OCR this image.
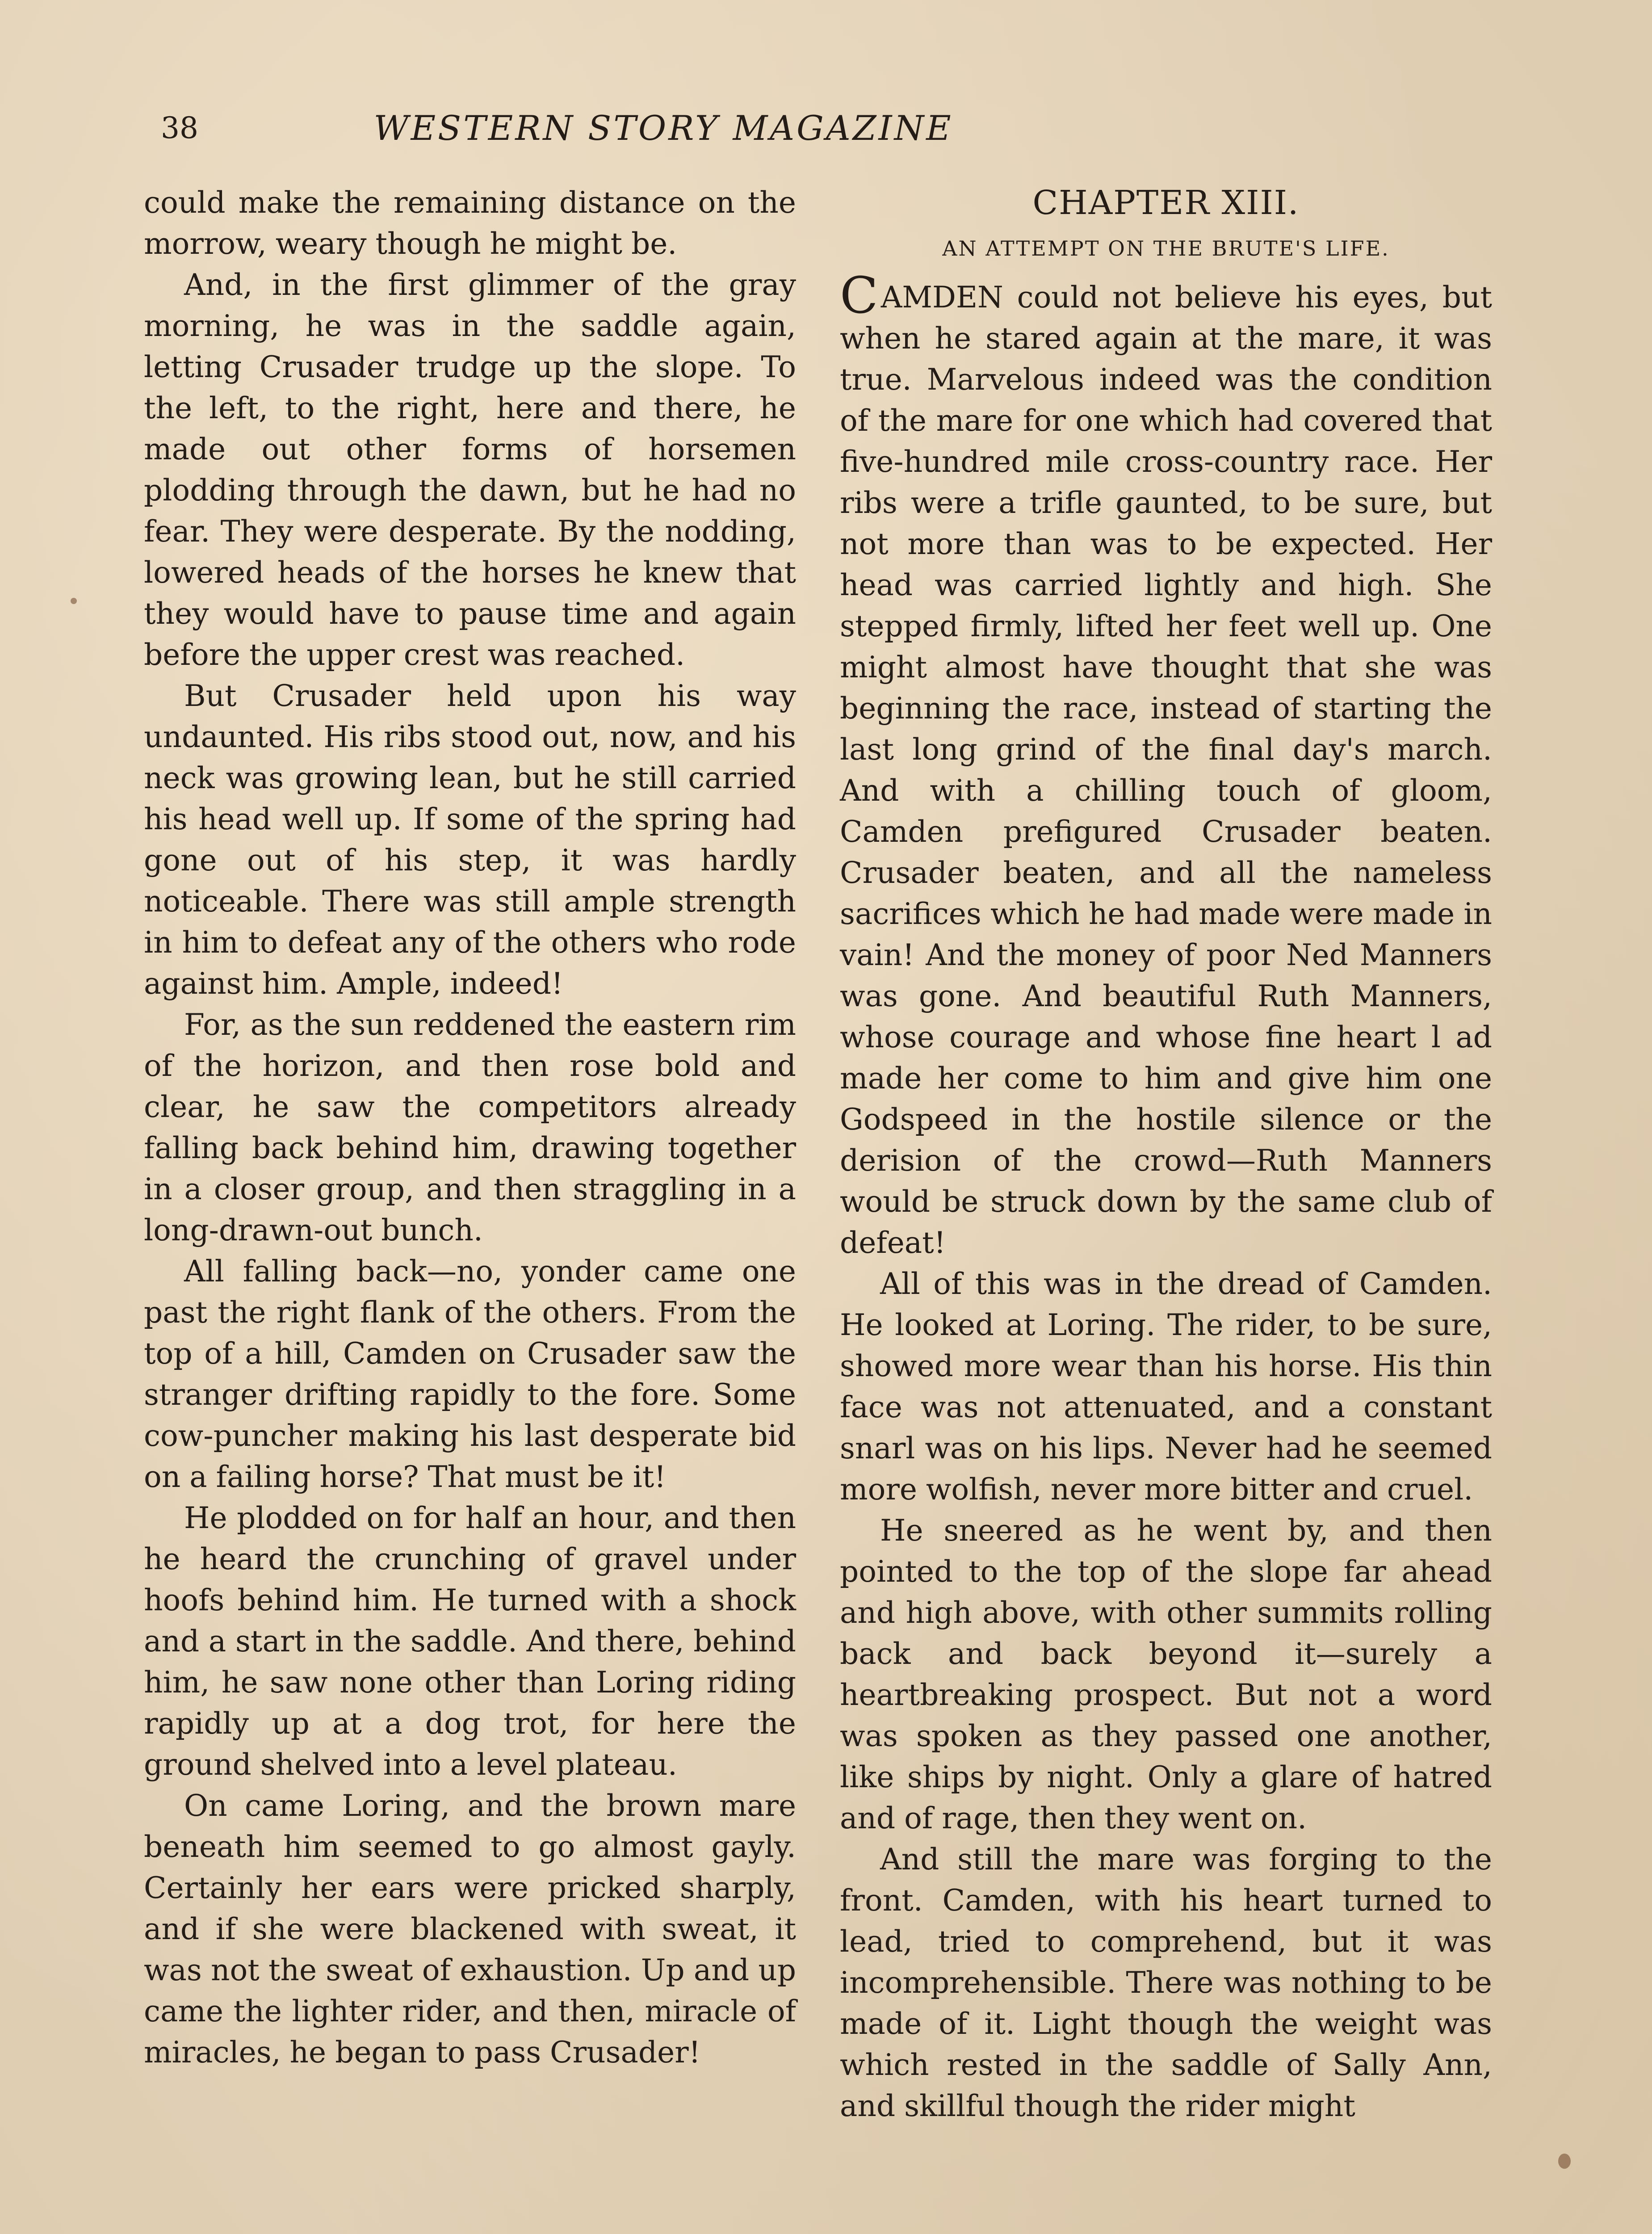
38	WESTERN STORY MAGAZINE

could make the remaining distance on the morrow, weary though he might be.

And, in the first glimmer of the gray morning, he was in the saddle again, letting Crusader trudge up the slope. To the left, to the right, here and there, he made out other forms of horsemen plodding through the dawn, but he had no fear. They were desperate. By the nodding, lowered heads of the horses he knew that they would have to pause time and again before the upper crest was reached.

But Crusader held upon his way undaunted. His ribs stood out, now, and his neck was growing lean, but he still carried his head well up. If some of the spring had gone out of his step, it was hardly noticeable. There was still ample strength in him to defeat any of the others who rode against him. Ample, indeed!

For, as the sun reddened the eastern rim of the horizon, and then rose bold and clear, he saw the competitors already falling back behind him, drawing together in a closer group, and then straggling in a long-drawn-out bunch.

All falling back—no, yonder came one past the right flank of the others. From the top of a hill, Camden on Crusader saw the stranger drifting rapidly to the fore. Some cow-puncher making his last desperate bid on a failing horse? That must be it!

He plodded on for half an hour, and then he heard the crunching of gravel under hoofs behind him. He turned with a shock and a start in the saddle. And there, behind him, he saw none other than Loring riding rapidly up at a dog trot, for here the ground shelved into a level plateau.

On came Loring, and the brown mare beneath him seemed to go almost gayly. Certainly her ears were pricked sharply, and if she were blackened with sweat, it was not the sweat of exhaustion. Up and up came the lighter rider, and then, miracle of miracles, he began to pass Crusader!

CHAPTER XIII.
AN ATTEMPT ON THE BRUTE'S LIFE.

CAMDEN could not believe his eyes, but when he stared again at the mare, it was true. Marvelous indeed was the condition of the mare for one which had covered that five-hundred mile cross-country race. Her ribs were a trifle gaunted, to be sure, but not more than was to be expected. Her head was carried lightly and high. She stepped firmly, lifted her feet well up. One might almost have thought that she was beginning the race, instead of starting the last long grind of the final day's march. And with a chilling touch of gloom, Camden prefigured Crusader beaten. Crusader beaten, and all the nameless sacrifices which he had made were made in vain! And the money of poor Ned Manners was gone. And beautiful Ruth Manners, whose courage and whose fine heart l ad made her come to him and give him one Godspeed in the hostile silence or the derision of the crowd—Ruth Manners would be struck down by the same club of defeat!

All of this was in the dread of Camden. He looked at Loring. The rider, to be sure, showed more wear than his horse. His thin face was not attenuated, and a constant snarl was on his lips. Never had he seemed more wolfish, never more bitter and cruel.

He sneered as he went by, and then pointed to the top of the slope far ahead and high above, with other summits rolling back and back beyond it—surely a heartbreaking prospect. But not a word was spoken as they passed one another, like ships by night. Only a glare of hatred and of rage, then they went on.

And still the mare was forging to the front. Camden, with his heart turned to lead, tried to comprehend, but it was incomprehensible. There was nothing to be made of it. Light though the weight was which rested in the saddle of Sally Ann, and skillful though the rider might
